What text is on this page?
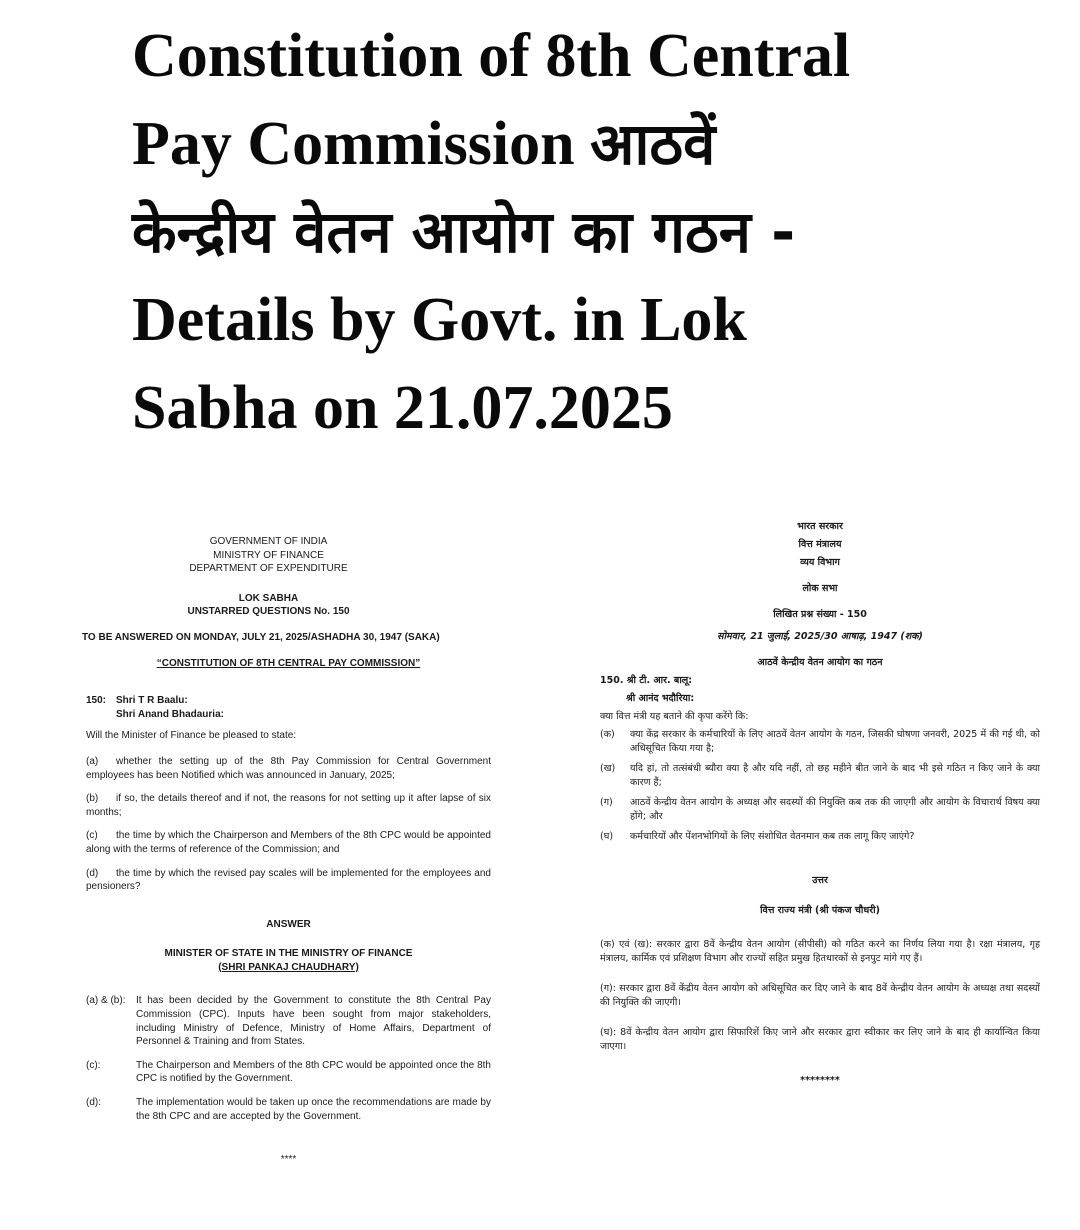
Constitution of 8th Central
Pay Commission आठवें
केन्द्रीय वेतन आयोग का गठन -
Details by Govt. in Lok
Sabha on 21.07.2025
GOVERNMENT OF INDIA
MINISTRY OF FINANCE
DEPARTMENT OF EXPENDITURE
LOK SABHA
UNSTARRED QUESTIONS No. 150
TO BE ANSWERED ON MONDAY, JULY 21, 2025/ASHADHA 30, 1947 (SAKA)
“CONSTITUTION OF 8TH CENTRAL PAY COMMISSION”
150: Shri T R Baalu:
Shri Anand Bhadauria:
Will the Minister of Finance be pleased to state:
(a) whether the setting up of the 8th Pay Commission for Central Government employees has been Notified which was announced in January, 2025;
(b) if so, the details thereof and if not, the reasons for not setting up it after lapse of six months;
(c) the time by which the Chairperson and Members of the 8th CPC would be appointed along with the terms of reference of the Commission; and
(d) the time by which the revised pay scales will be implemented for the employees and pensioners?
ANSWER
MINISTER OF STATE IN THE MINISTRY OF FINANCE
(SHRI PANKAJ CHAUDHARY)
(a) & (b):	It has been decided by the Government to constitute the 8th Central Pay Commission (CPC). Inputs have been sought from major stakeholders, including Ministry of Defence, Ministry of Home Affairs, Department of Personnel & Training and from States.
(c):	The Chairperson and Members of the 8th CPC would be appointed once the 8th CPC is notified by the Government.
(d):	The implementation would be taken up once the recommendations are made by the 8th CPC and are accepted by the Government.
****
भारत सरकार
वित्त मंत्रालय
व्यय विभाग
लोक सभा
लिखित प्रश्न संख्या - 150
सोमवार, 21 जुलाई, 2025/30 आषाढ़, 1947 (शक)
आठवें केन्द्रीय वेतन आयोग का गठन
150. श्री टी. आर. बालू:
श्री आनंद भदौरिया:
क्या वित्त मंत्री यह बताने की कृपा करेंगे कि:
(क)	क्या केंद्र सरकार के कर्मचारियों के लिए आठवें वेतन आयोग के गठन, जिसकी घोषणा जनवरी, 2025 में की गई थी, को अधिसूचित किया गया है;
(ख)	यदि हां, तो तत्संबंधी ब्यौरा क्या है और यदि नहीं, तो छह महीने बीत जाने के बाद भी इसे गठित न किए जाने के क्या कारण हैं;
(ग)	आठवें केन्द्रीय वेतन आयोग के अध्यक्ष और सदस्यों की नियुक्ति कब तक की जाएगी और आयोग के विचारार्थ विषय क्या होंगे; और
(घ)	कर्मचारियों और पेंशनभोगियों के लिए संशोधित वेतनमान कब तक लागू किए जाएंगे?
उत्तर
वित्त राज्य मंत्री (श्री पंकज चौधरी)
(क) एवं (ख): सरकार द्वारा 8वें केन्द्रीय वेतन आयोग (सीपीसी) को गठित करने का निर्णय लिया गया है। रक्षा मंत्रालय, गृह मंत्रालय, कार्मिक एवं प्रशिक्षण विभाग और राज्यों सहित प्रमुख हितधारकों से इनपुट मांगे गए हैं।
(ग): सरकार द्वारा 8वें केंद्रीय वेतन आयोग को अधिसूचित कर दिए जाने के बाद 8वें केन्द्रीय वेतन आयोग के अध्यक्ष तथा सदस्यों की नियुक्ति की जाएगी।
(घ): 8वें केन्द्रीय वेतन आयोग द्वारा सिफारिशें किए जाने और सरकार द्वारा स्वीकार कर लिए जाने के बाद ही कार्यान्वित किया जाएगा।
********
